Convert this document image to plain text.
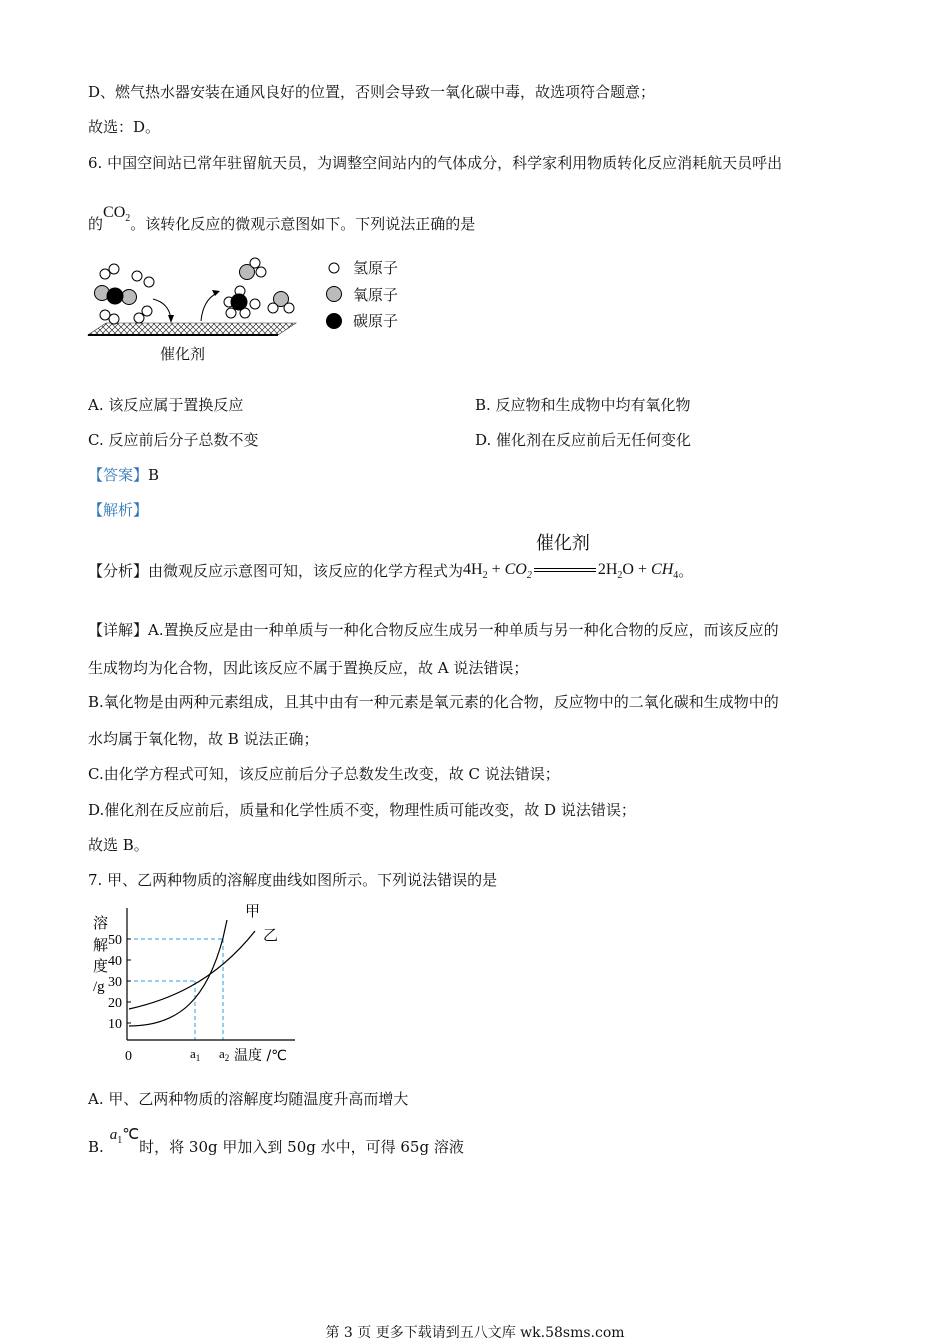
D、燃气热水器安装在通风良好的位置，否则会导致一氧化碳中毒，故选项符合题意；
故选：D。
6. 中国空间站已常年驻留航天员，为调整空间站内的气体成分，科学家利用物质转化反应消耗航天员呼出
的$CO_2$。该转化反应的微观示意图如下。下列说法正确的是
氢原子
氧原子
碳原子
催化剂
A. 该反应属于置换反应	B. 反应物和生成物中均有氧化物
C. 反应前后分子总数不变	D. 催化剂在反应前后无任何变化
【答案】B
【解析】
【分析】由微观反应示意图可知，该反应的化学方程式为$4H_2 + CO_2$
催化剂
$2H_2O + CH_4$。
【详解】A.置换反应是由一种单质与一种化合物反应生成另一种单质与另一种化合物的反应，而该反应的
生成物均为化合物，因此该反应不属于置换反应，故 A 说法错误；
B.氧化物是由两种元素组成，且其中由有一种元素是氧元素的化合物，反应物中的二氧化碳和生成物中的
水均属于氧化物，故 B 说法正确；
C.由化学方程式可知，该反应前后分子总数发生改变，故 C 说法错误；
D.催化剂在反应前后，质量和化学性质不变，物理性质可能改变，故 D 说法错误；
故选 B。
7. 甲、乙两种物质的溶解度曲线如图所示。下列说法错误的是
溶
解
度
/g
50
40
30
20
10
0	$a_1$ $a_2$ 温度 /℃
甲
乙
A. 甲、乙两种物质的溶解度均随温度升高而增大
$B.a_1℃$时，将 30g 甲加入到 50g 水中，可得 65g 溶液
第 3 页 更多下载请到五八文库 wk.58sms.com
